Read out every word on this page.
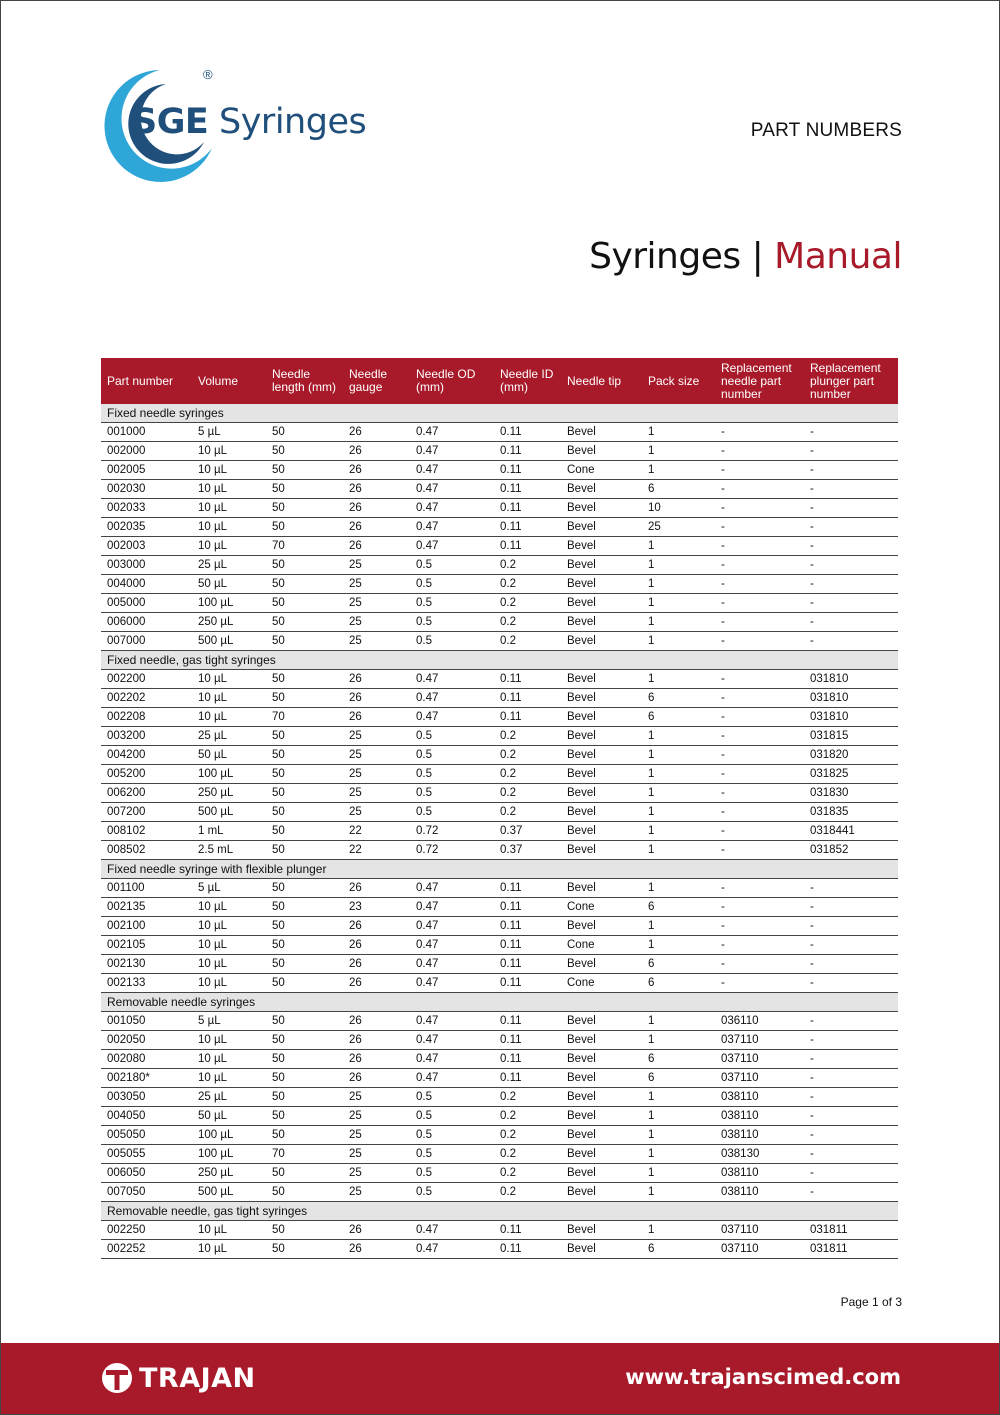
SGE Syringes
®
PART NUMBERS
Syringes | Manual
Part number	Volume	Needle length (mm)	Needle gauge	Needle OD (mm)	Needle ID (mm)	Needle tip	Pack size	Replacement needle part number	Replacement plunger part number
Fixed needle syringes									
001000	5 µL	50	26	0.47	0.11	Bevel	1	-	-
002000	10 µL	50	26	0.47	0.11	Bevel	1	-	-
002005	10 µL	50	26	0.47	0.11	Cone	1	-	-
002030	10 µL	50	26	0.47	0.11	Bevel	6	-	-
002033	10 µL	50	26	0.47	0.11	Bevel	10	-	-
002035	10 µL	50	26	0.47	0.11	Bevel	25	-	-
002003	10 µL	70	26	0.47	0.11	Bevel	1	-	-
003000	25 µL	50	25	0.5	0.2	Bevel	1	-	-
004000	50 µL	50	25	0.5	0.2	Bevel	1	-	-
005000	100 µL	50	25	0.5	0.2	Bevel	1	-	-
006000	250 µL	50	25	0.5	0.2	Bevel	1	-	-
007000	500 µL	50	25	0.5	0.2	Bevel	1	-	-
Fixed needle, gas tight syringes									
002200	10 µL	50	26	0.47	0.11	Bevel	1	-	031810
002202	10 µL	50	26	0.47	0.11	Bevel	6	-	031810
002208	10 µL	70	26	0.47	0.11	Bevel	6	-	031810
003200	25 µL	50	25	0.5	0.2	Bevel	1	-	031815
004200	50 µL	50	25	0.5	0.2	Bevel	1	-	031820
005200	100 µL	50	25	0.5	0.2	Bevel	1	-	031825
006200	250 µL	50	25	0.5	0.2	Bevel	1	-	031830
007200	500 µL	50	25	0.5	0.2	Bevel	1	-	031835
008102	1 mL	50	22	0.72	0.37	Bevel	1	-	0318441
008502	2.5 mL	50	22	0.72	0.37	Bevel	1	-	031852
Fixed needle syringe with flexible plunger									
001100	5 µL	50	26	0.47	0.11	Bevel	1	-	-
002135	10 µL	50	23	0.47	0.11	Cone	6	-	-
002100	10 µL	50	26	0.47	0.11	Bevel	1	-	-
002105	10 µL	50	26	0.47	0.11	Cone	1	-	-
002130	10 µL	50	26	0.47	0.11	Bevel	6	-	-
002133	10 µL	50	26	0.47	0.11	Cone	6	-	-
Removable needle syringes									
001050	5 µL	50	26	0.47	0.11	Bevel	1	036110	-
002050	10 µL	50	26	0.47	0.11	Bevel	1	037110	-
002080	10 µL	50	26	0.47	0.11	Bevel	6	037110	-
002180*	10 µL	50	26	0.47	0.11	Bevel	6	037110	-
003050	25 µL	50	25	0.5	0.2	Bevel	1	038110	-
004050	50 µL	50	25	0.5	0.2	Bevel	1	038110	-
005050	100 µL	50	25	0.5	0.2	Bevel	1	038110	-
005055	100 µL	70	25	0.5	0.2	Bevel	1	038130	-
006050	250 µL	50	25	0.5	0.2	Bevel	1	038110	-
007050	500 µL	50	25	0.5	0.2	Bevel	1	038110	-
Removable needle, gas tight syringes									
002250	10 µL	50	26	0.47	0.11	Bevel	1	037110	031811
002252	10 µL	50	26	0.47	0.11	Bevel	6	037110	031811
Page 1 of 3
TRAJAN	www.trajanscimed.com
